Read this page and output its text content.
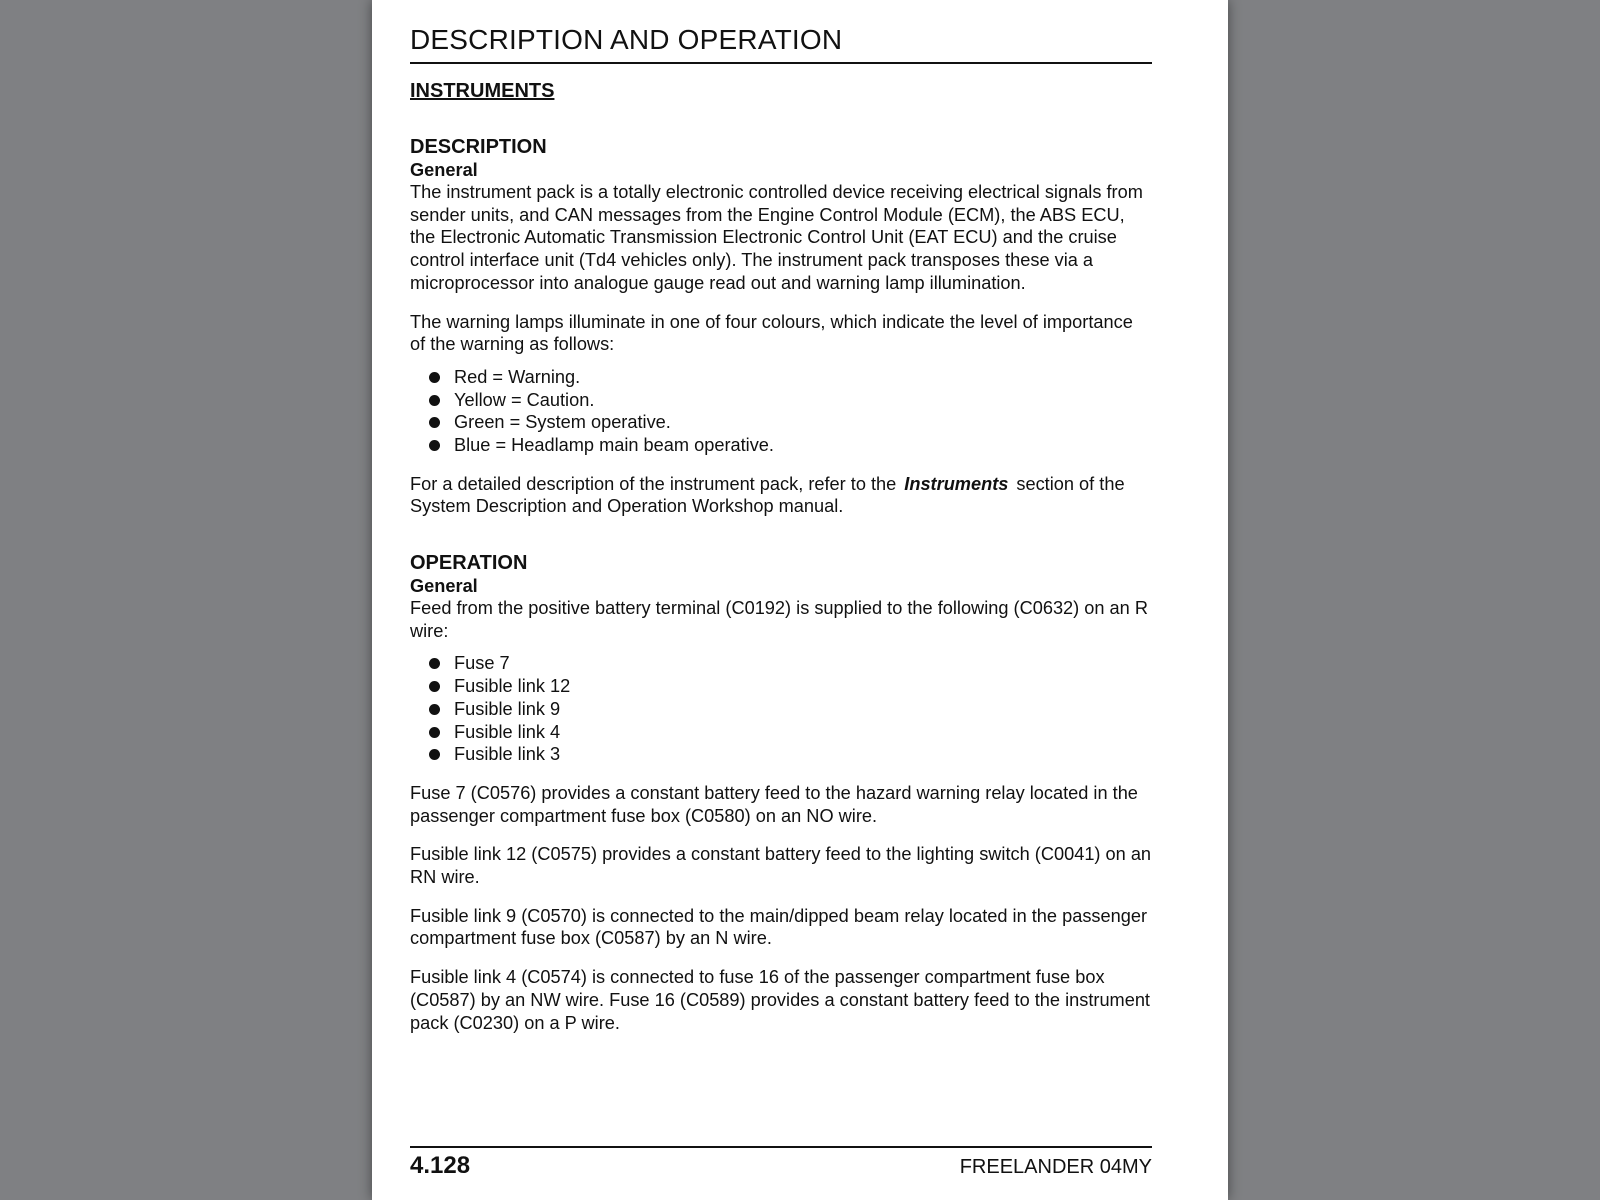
DESCRIPTION AND OPERATION
INSTRUMENTS
DESCRIPTION
General

The instrument pack is a totally electronic controlled device receiving electrical signals from sender units, and CAN messages from the Engine Control Module (ECM), the ABS ECU, the Electronic Automatic Transmission Electronic Control Unit (EAT ECU) and the cruise control interface unit (Td4 vehicles only). The instrument pack transposes these via a microprocessor into analogue gauge read out and warning lamp illumination.

The warning lamps illuminate in one of four colours, which indicate the level of importance of the warning as follows:

Red = Warning.
Yellow = Caution.
Green = System operative.
Blue = Headlamp main beam operative.

For a detailed description of the instrument pack, refer to the Instruments section of the System Description and Operation Workshop manual.

OPERATION
General

Feed from the positive battery terminal (C0192) is supplied to the following (C0632) on an R wire:

Fuse 7
Fusible link 12
Fusible link 9
Fusible link 4
Fusible link 3

Fuse 7 (C0576) provides a constant battery feed to the hazard warning relay located in the passenger compartment fuse box (C0580) on an NO wire.

Fusible link 12 (C0575) provides a constant battery feed to the lighting switch (C0041) on an RN wire.

Fusible link 9 (C0570) is connected to the main/dipped beam relay located in the passenger compartment fuse box (C0587) by an N wire.

Fusible link 4 (C0574) is connected to fuse 16 of the passenger compartment fuse box (C0587) by an NW wire. Fuse 16 (C0589) provides a constant battery feed to the instrument pack (C0230) on a P wire.

4.128	FREELANDER 04MY
